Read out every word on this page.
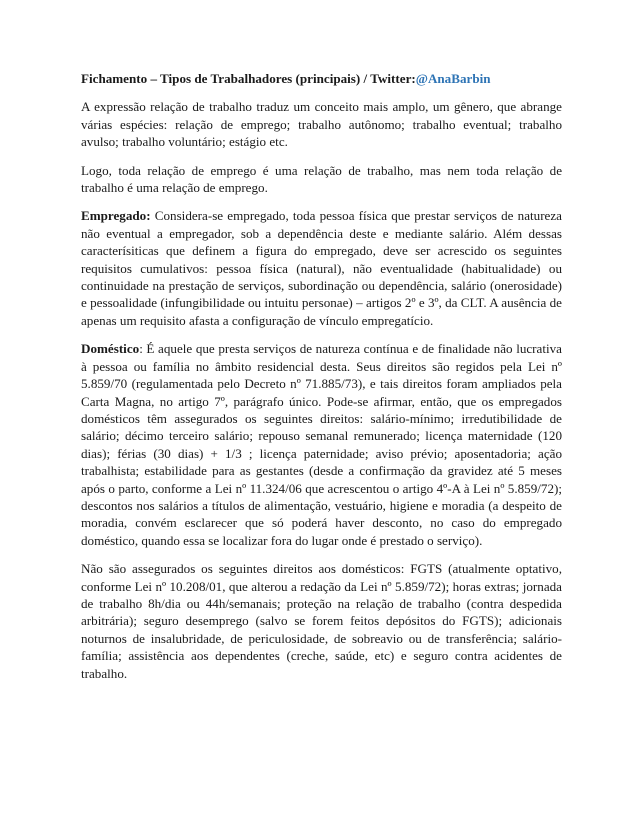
Fichamento – Tipos de Trabalhadores (principais) / Twitter:@AnaBarbin

A expressão relação de trabalho traduz um conceito mais amplo, um gênero, que abrange várias espécies: relação de emprego; trabalho autônomo; trabalho eventual; trabalho avulso; trabalho voluntário; estágio etc.

Logo, toda relação de emprego é uma relação de trabalho, mas nem toda relação de trabalho é uma relação de emprego.

Empregado: Considera-se empregado, toda pessoa física que prestar serviços de natureza não eventual a empregador, sob a dependência deste e mediante salário. Além dessas caracterísiticas que definem a figura do empregado, deve ser acrescido os seguintes requisitos cumulativos: pessoa física (natural), não eventualidade (habitualidade) ou continuidade na prestação de serviços, subordinação ou dependência, salário (onerosidade) e pessoalidade (infungibilidade ou intuitu personae) – artigos 2º e 3º, da CLT. A ausência de apenas um requisito afasta a configuração de vínculo empregatício.

Doméstico: É aquele que presta serviços de natureza contínua e de finalidade não lucrativa à pessoa ou família no âmbito residencial desta. Seus direitos são regidos pela Lei nº 5.859/70 (regulamentada pelo Decreto nº 71.885/73), e tais direitos foram ampliados pela Carta Magna, no artigo 7º, parágrafo único. Pode-se afirmar, então, que os empregados domésticos têm assegurados os seguintes direitos: salário-mínimo; irredutibilidade de salário; décimo terceiro salário; repouso semanal remunerado; licença maternidade (120 dias); férias (30 dias) + 1/3 ; licença paternidade; aviso prévio; aposentadoria; ação trabalhista; estabilidade para as gestantes (desde a confirmação da gravidez até 5 meses após o parto, conforme a Lei nº 11.324/06 que acrescentou o artigo 4º-A à Lei nº 5.859/72); descontos nos salários a títulos de alimentação, vestuário, higiene e moradia (a despeito de moradia, convém esclarecer que só poderá haver desconto, no caso do empregado doméstico, quando essa se localizar fora do lugar onde é prestado o serviço).

Não são assegurados os seguintes direitos aos domésticos: FGTS (atualmente optativo, conforme Lei nº 10.208/01, que alterou a redação da Lei nº 5.859/72); horas extras; jornada de trabalho 8h/dia ou 44h/semanais; proteção na relação de trabalho (contra despedida arbitrária); seguro desemprego (salvo se forem feitos depósitos do FGTS); adicionais noturnos de insalubridade, de periculosidade, de sobreavio ou de transferência; salário-família; assistência aos dependentes (creche, saúde, etc) e seguro contra acidentes de trabalho.
